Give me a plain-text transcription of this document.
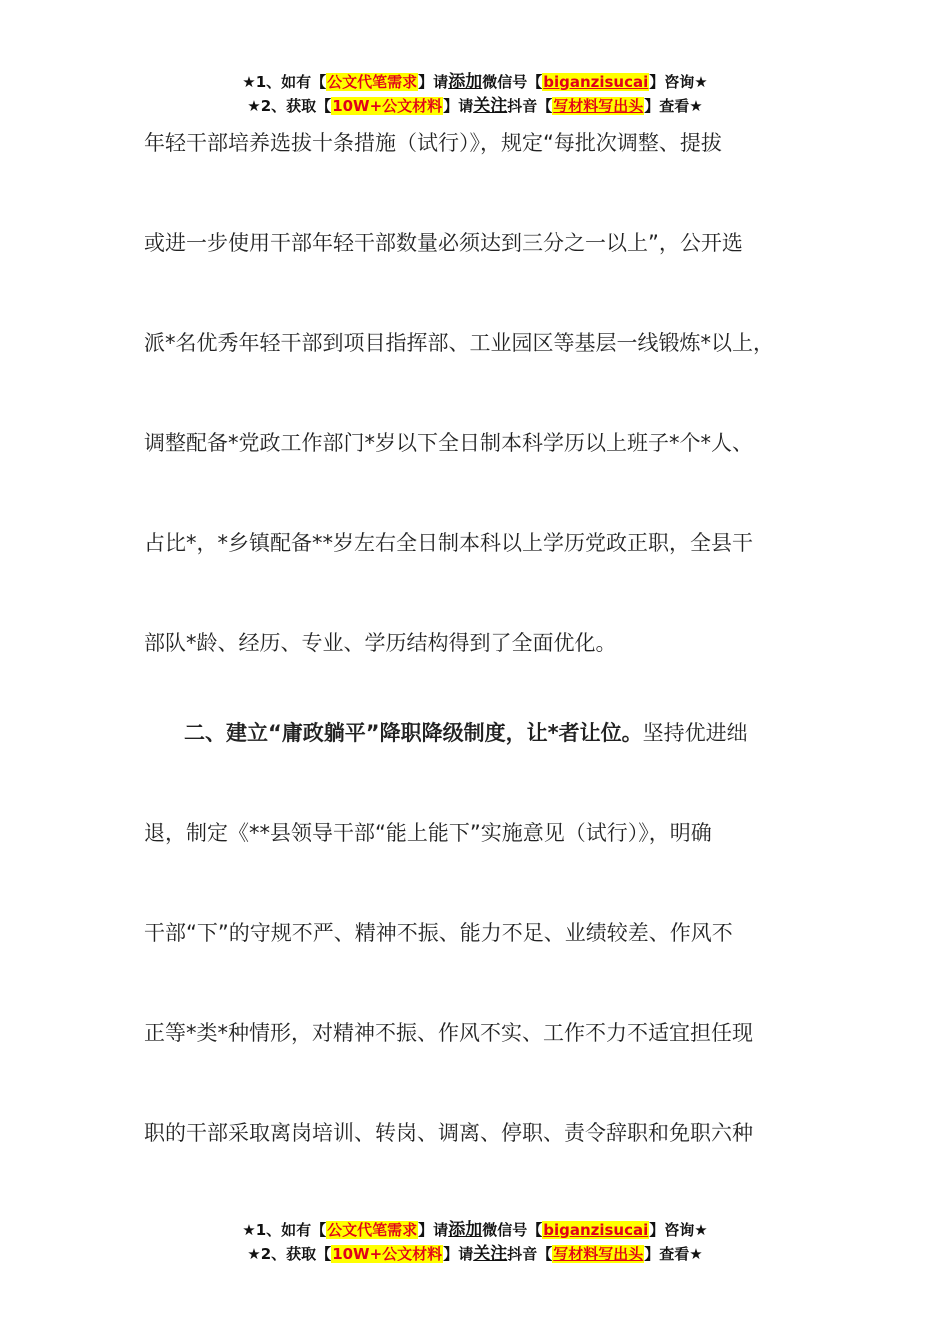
★1、如有【公文代笔需求】请添加微信号【biganzisucai】咨询★
★2、获取【10W+公文材料】请关注抖音【写材料写出头】查看★
年轻干部培养选拔十条措施（试行）》，规定“每批次调整、提拔
或进一步使用干部年轻干部数量必须达到三分之一以上”，公开选
派*名优秀年轻干部到项目指挥部、工业园区等基层一线锻炼*以上，
调整配备*党政工作部门*岁以下全日制本科学历以上班子*个*人、
占比*，*乡镇配备**岁左右全日制本科以上学历党政正职，全县干
部队*龄、经历、专业、学历结构得到了全面优化。
二、建立“庸政躺平”降职降级制度，让*者让位。坚持优进绌
退，制定《**县领导干部“能上能下”实施意见（试行）》，明确
干部“下”的守规不严、精神不振、能力不足、业绩较差、作风不
正等*类*种情形，对精神不振、作风不实、工作不力不适宜担任现
职的干部采取离岗培训、转岗、调离、停职、责令辞职和免职六种
★1、如有【公文代笔需求】请添加微信号【biganzisucai】咨询★
★2、获取【10W+公文材料】请关注抖音【写材料写出头】查看★
